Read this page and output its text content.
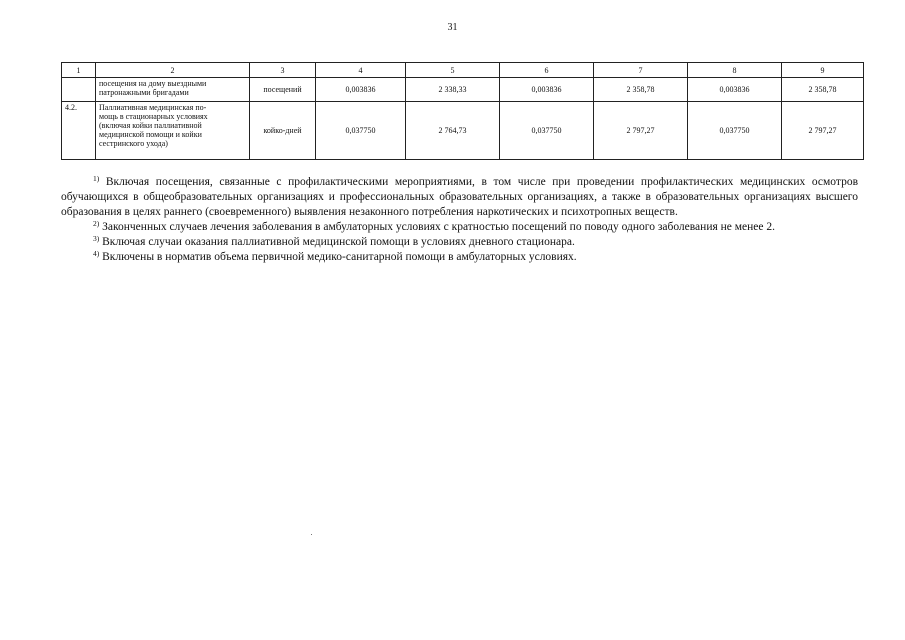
31
1	2	3	4	5	6	7	8	9

	посещения на дому выездными
патронажными бригадами	посещений	0,003836	2 338,33	0,003836	2 358,78	0,003836	2 358,78
4.2.	Паллиативная медицинская по-
мощь в стационарных условиях
(включая койки паллиативной
медицинской помощи и койки
сестринского ухода)	койко-дней	0,037750	2 764,73	0,037750	2 797,27	0,037750	2 797,27

$^{1)}$ Включая посещения, связанные с профилактическими мероприятиями, в том числе при проведении профилактических медицинских осмотров обучающихся в общеобразовательных организациях и профессиональных образовательных организациях, а также в образовательных организациях высшего образования в целях раннего (своевременного) выявления незаконного потребления наркотических и психотропных веществ.

$^{2)}$ Законченных случаев лечения заболевания в амбулаторных условиях с кратностью посещений по поводу одного заболевания не менее 2.

$^{3)}$ Включая случаи оказания паллиативной медицинской помощи в условиях дневного стационара.

$^{4)}$ Включены в норматив объема первичной медико-санитарной помощи в амбулаторных условиях.
